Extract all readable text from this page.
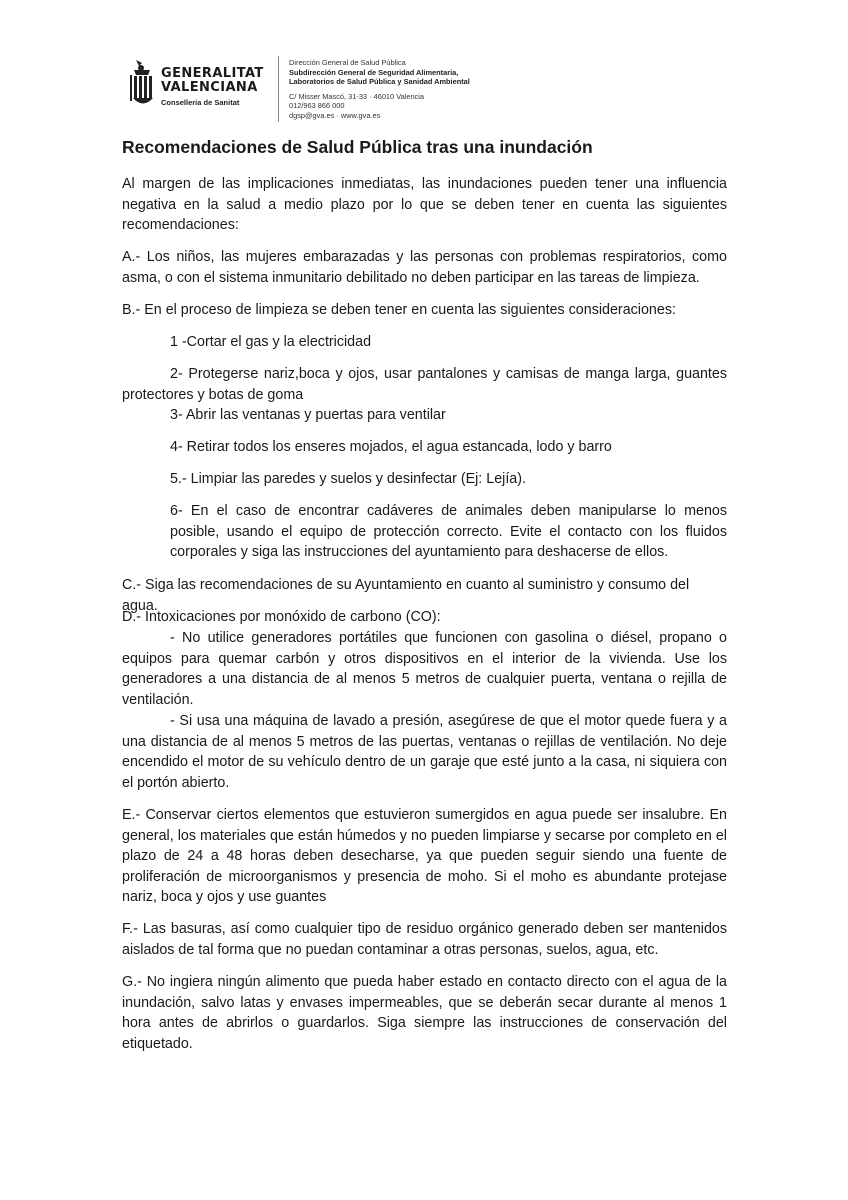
GENERALITAT
VALENCIANA
Conselleria de Sanitat
Dirección General de Salud Pública
Subdirección General de Seguridad Alimentaria,
Laboratorios de Salud Pública y Sanidad Ambiental
C/ Misser Mascó, 31-33 · 46010 Valencia
012/963 866 000
dgsp@gva.es · www.gva.es
Recomendaciones de Salud Pública tras una inundación

Al margen de las implicaciones inmediatas, las inundaciones pueden tener una influencia negativa en la salud a medio plazo por lo que se deben tener en cuenta las siguientes recomendaciones:

A.- Los niños, las mujeres embarazadas y las personas con problemas respiratorios, como asma, o con el sistema inmunitario debilitado no deben participar en las tareas de limpieza.

B.- En el proceso de limpieza se deben tener en cuenta las siguientes consideraciones:

1 -Cortar el gas y la electricidad

2- Protegerse nariz,boca y ojos, usar pantalones y camisas de manga larga, guantes protectores y botas de goma

3- Abrir las ventanas y puertas para ventilar

4- Retirar todos los enseres mojados, el agua estancada, lodo y barro

5.- Limpiar las paredes y suelos y desinfectar (Ej: Lejía).

6- En el caso de encontrar cadáveres de animales deben manipularse lo menos posible, usando el equipo de protección correcto. Evite el contacto con los fluidos corporales y siga las instrucciones del ayuntamiento para deshacerse de ellos.

C.- Siga las recomendaciones de su Ayuntamiento en cuanto al suministro y consumo del agua.

D.- Intoxicaciones por monóxido de carbono (CO):

- No utilice generadores portátiles que funcionen con gasolina o diésel, propano o equipos para quemar carbón y otros dispositivos en el interior de la vivienda. Use los generadores a una distancia de al menos 5 metros de cualquier puerta, ventana o rejilla de ventilación.

- Si usa una máquina de lavado a presión, asegúrese de que el motor quede fuera y a una distancia de al menos 5 metros de las puertas, ventanas o rejillas de ventilación. No deje encendido el motor de su vehículo dentro de un garaje que esté junto a la casa, ni siquiera con el portón abierto.

E.- Conservar ciertos elementos que estuvieron sumergidos en agua puede ser insalubre. En general, los materiales que están húmedos y no pueden limpiarse y secarse por completo en el plazo de 24 a 48 horas deben desecharse, ya que pueden seguir siendo una fuente de proliferación de microorganismos y presencia de moho. Si el moho es abundante protejase nariz, boca y ojos y use guantes

F.- Las basuras, así como cualquier tipo de residuo orgánico generado deben ser mantenidos aislados de tal forma que no puedan contaminar a otras personas, suelos, agua, etc.

G.- No ingiera ningún alimento que pueda haber estado en contacto directo con el agua de la inundación, salvo latas y envases impermeables, que se deberán secar durante al menos 1 hora antes de abrirlos o guardarlos. Siga siempre las instrucciones de conservación del etiquetado.
